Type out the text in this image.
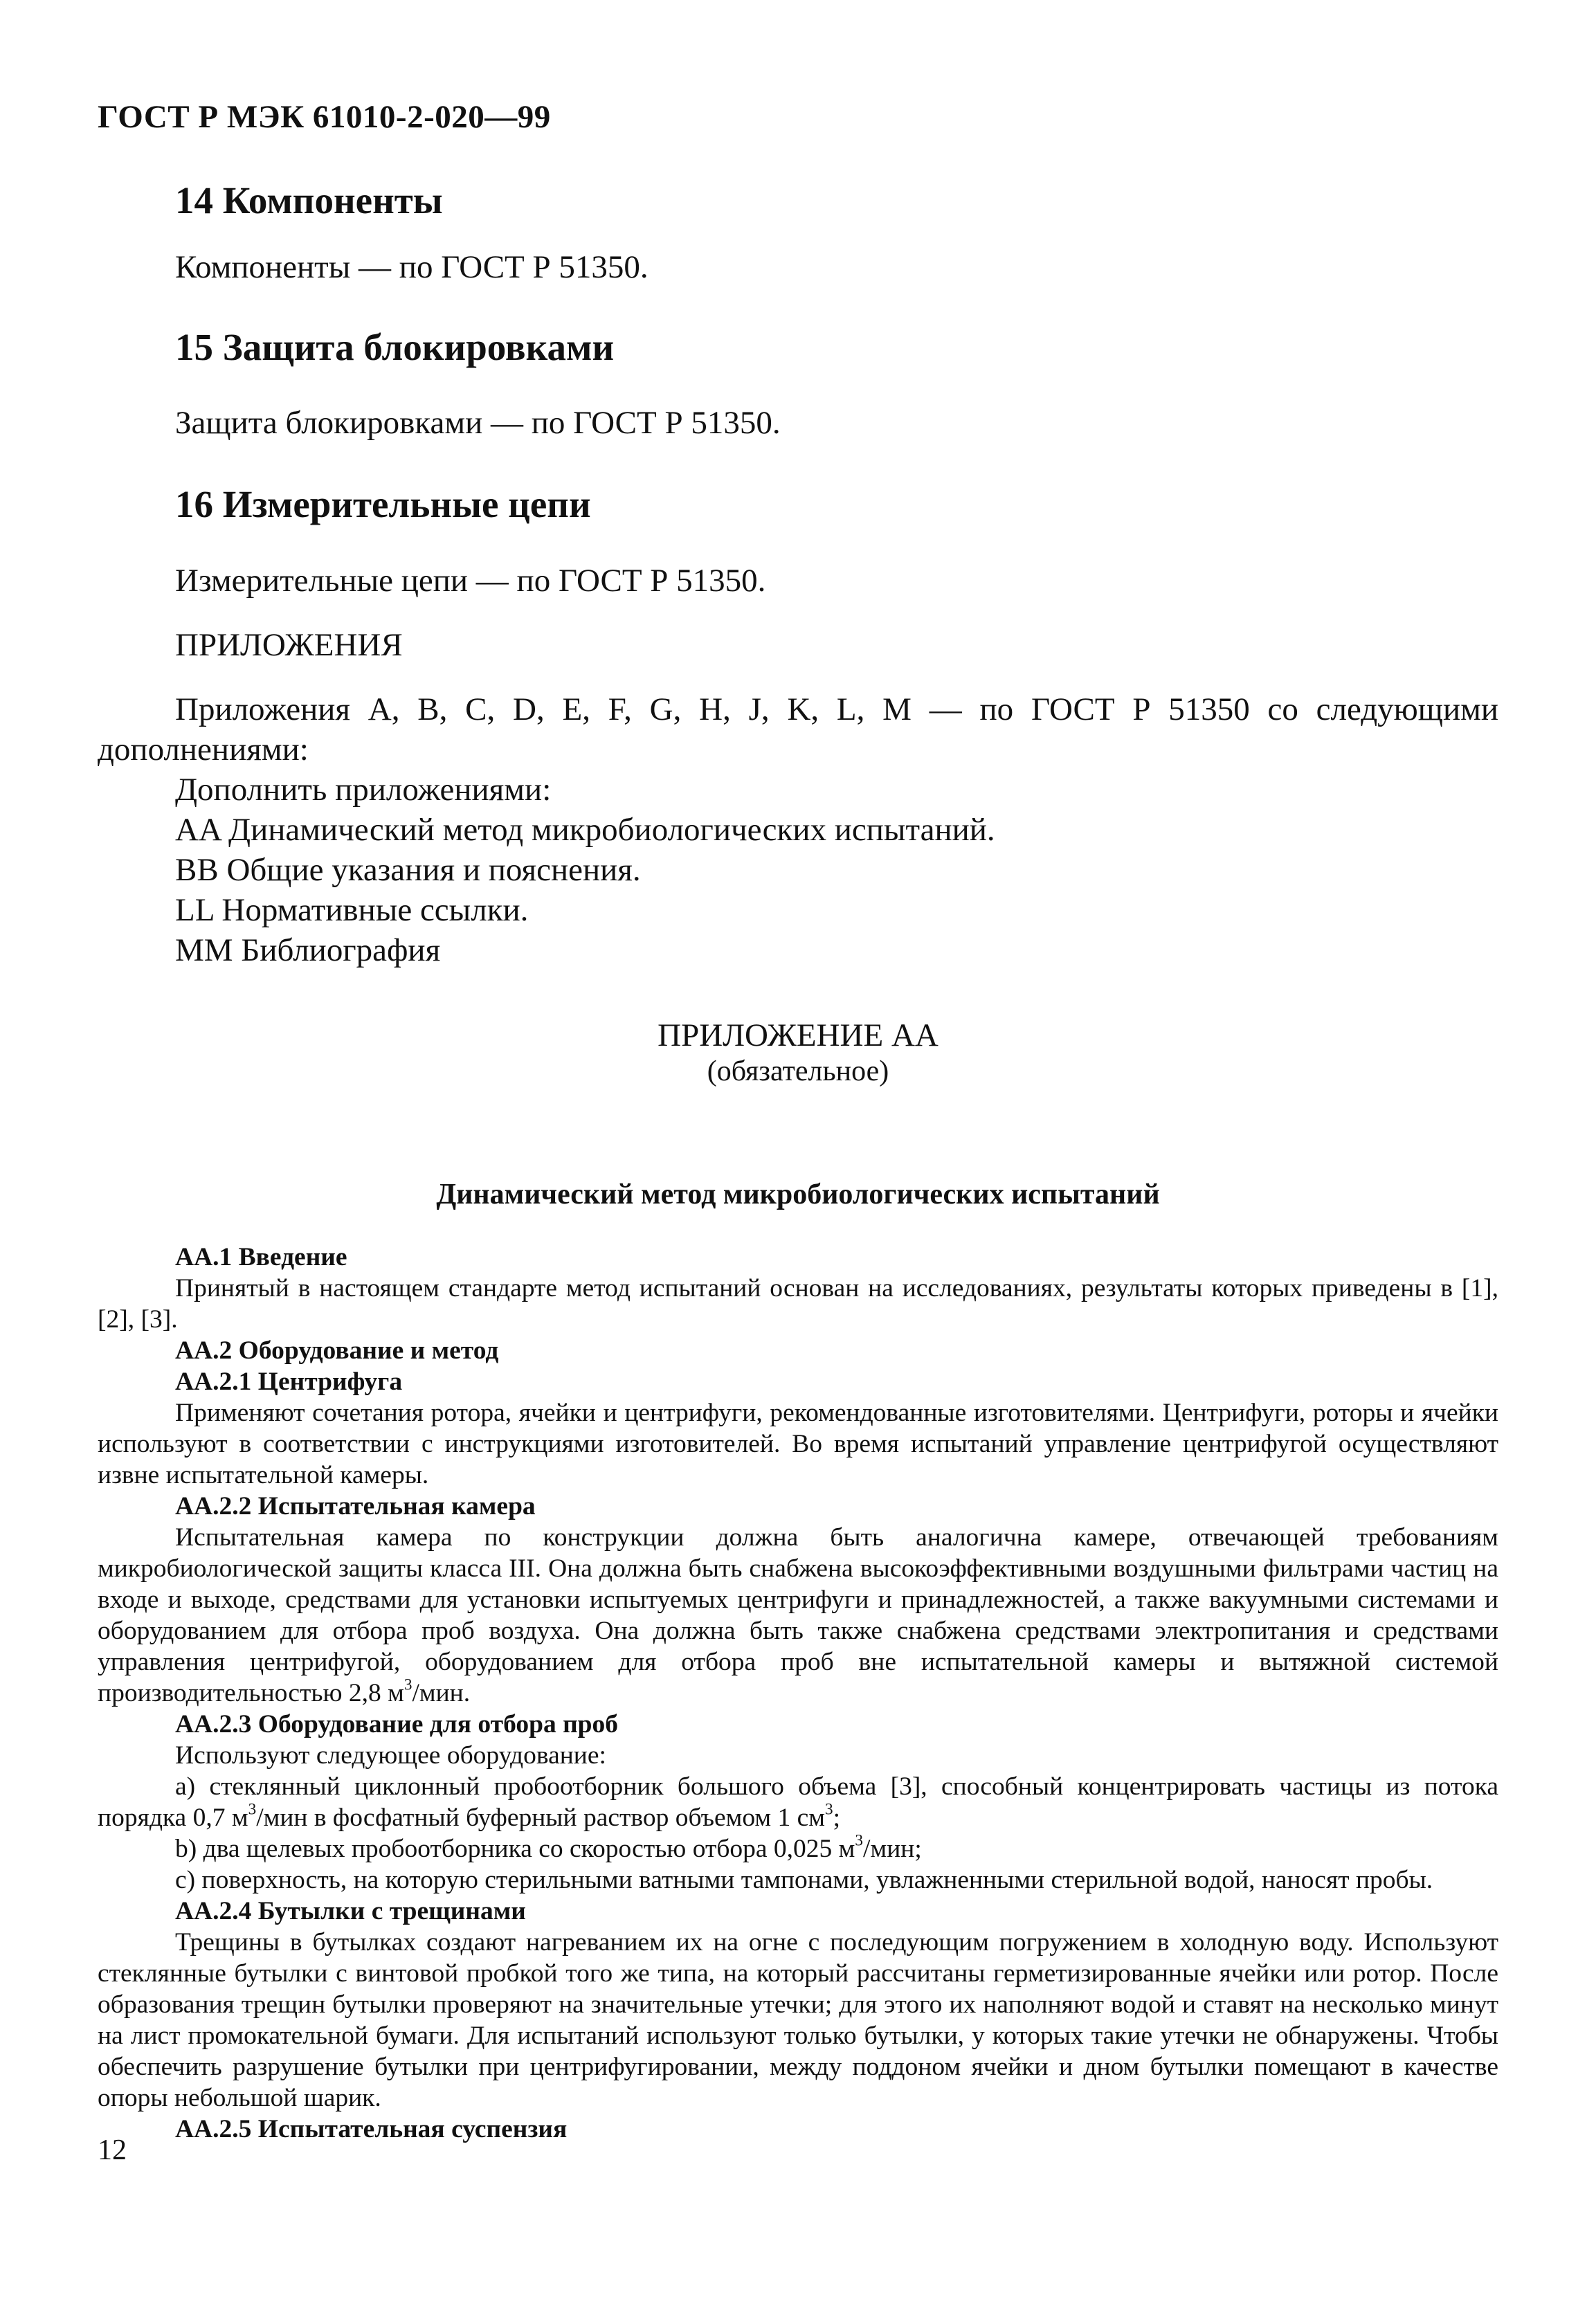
ГОСТ Р МЭК 61010-2-020—99
14 Компоненты
Компоненты — по ГОСТ Р 51350.
15 Защита блокировками
Защита блокировками — по ГОСТ Р 51350.
16 Измерительные цепи
Измерительные цепи — по ГОСТ Р 51350.
ПРИЛОЖЕНИЯ
Приложения A, B, C, D, E, F, G, H, J, K, L, M — по ГОСТ Р 51350 со следующими дополнениями:
Дополнить приложениями:
AA Динамический метод микробиологических испытаний.
BB Общие указания и пояснения.
LL Нормативные ссылки.
MM Библиография
ПРИЛОЖЕНИЕ AA
(обязательное)
Динамический метод микробиологических испытаний
AA.1 Введение
Принятый в настоящем стандарте метод испытаний основан на исследованиях, результаты которых приведены в [1], [2], [3].
AA.2 Оборудование и метод
AA.2.1 Центрифуга
Применяют сочетания ротора, ячейки и центрифуги, рекомендованные изготовителями. Центрифуги, роторы и ячейки используют в соответствии с инструкциями изготовителей. Во время испытаний управление центрифугой осуществляют извне испытательной камеры.
AA.2.2 Испытательная камера
Испытательная камера по конструкции должна быть аналогична камере, отвечающей требованиям микробиологической защиты класса III. Она должна быть снабжена высокоэффективными воздушными фильтрами частиц на входе и выходе, средствами для установки испытуемых центрифуги и принадлежностей, а также вакуумными системами и оборудованием для отбора проб воздуха. Она должна быть также снабжена средствами электропитания и средствами управления центрифугой, оборудованием для отбора проб вне испытательной камеры и вытяжной системой производительностью 2,8 $м^3$/мин.
AA.2.3 Оборудование для отбора проб
Используют следующее оборудование:
а) стеклянный циклонный пробоотборник большого объема [3], способный концентрировать частицы из потока порядка 0,7 $м^3$/мин в фосфатный буферный раствор объемом 1 $см^3$;
b) два щелевых пробоотборника со скоростью отбора 0,025 $м^3$/мин;
с) поверхность, на которую стерильными ватными тампонами, увлажненными стерильной водой, наносят пробы.
AA.2.4 Бутылки с трещинами
Трещины в бутылках создают нагреванием их на огне с последующим погружением в холодную воду. Используют стеклянные бутылки с винтовой пробкой того же типа, на который рассчитаны герметизированные ячейки или ротор. После образования трещин бутылки проверяют на значительные утечки; для этого их наполняют водой и ставят на несколько минут на лист промокательной бумаги. Для испытаний используют только бутылки, у которых такие утечки не обнаружены. Чтобы обеспечить разрушение бутылки при центрифугировании, между поддоном ячейки и дном бутылки помещают в качестве опоры небольшой шарик.
AA.2.5 Испытательная суспензия
12
